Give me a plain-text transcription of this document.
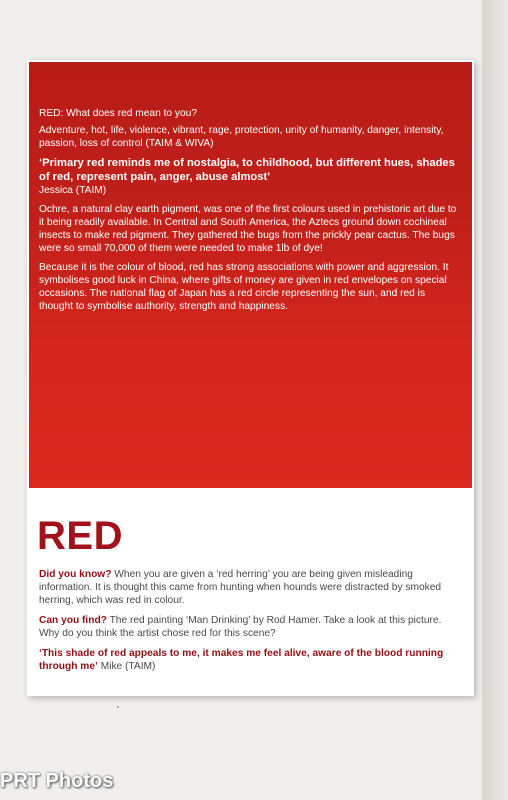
RED: What does red mean to you?

Adventure, hot, life, violence, vibrant, rage, protection, unity of humanity, danger, intensity, passion, loss of control (TAIM & WIVA)

‘Primary red reminds me of nostalgia, to childhood, but different hues, shades of red, represent pain, anger, abuse almost’
Jessica (TAIM)

Ochre, a natural clay earth pigment, was one of the first colours used in prehistoric art due to it being readily available. In Central and South America, the Aztecs ground down cochineal insects to make red pigment. They gathered the bugs from the prickly pear cactus. The bugs were so small 70,000 of them were needed to make 1lb of dye!

Because it is the colour of blood, red has strong associations with power and aggression. It symbolises good luck in China, where gifts of money are given in red envelopes on special occasions. The national flag of Japan has a red circle representing the sun, and red is thought to symbolise authority, strength and happiness.

RED

Did you know? When you are given a ‘red herring’ you are being given misleading information. It is thought this came from hunting when hounds were distracted by smoked herring, which was red in colour.

Can you find? The red painting ‘Man Drinking’ by Rod Hamer. Take a look at this picture. Why do you think the artist chose red for this scene?

‘This shade of red appeals to me, it makes me feel alive, aware of the blood running through me’ Mike (TAIM)

PRT Photos
